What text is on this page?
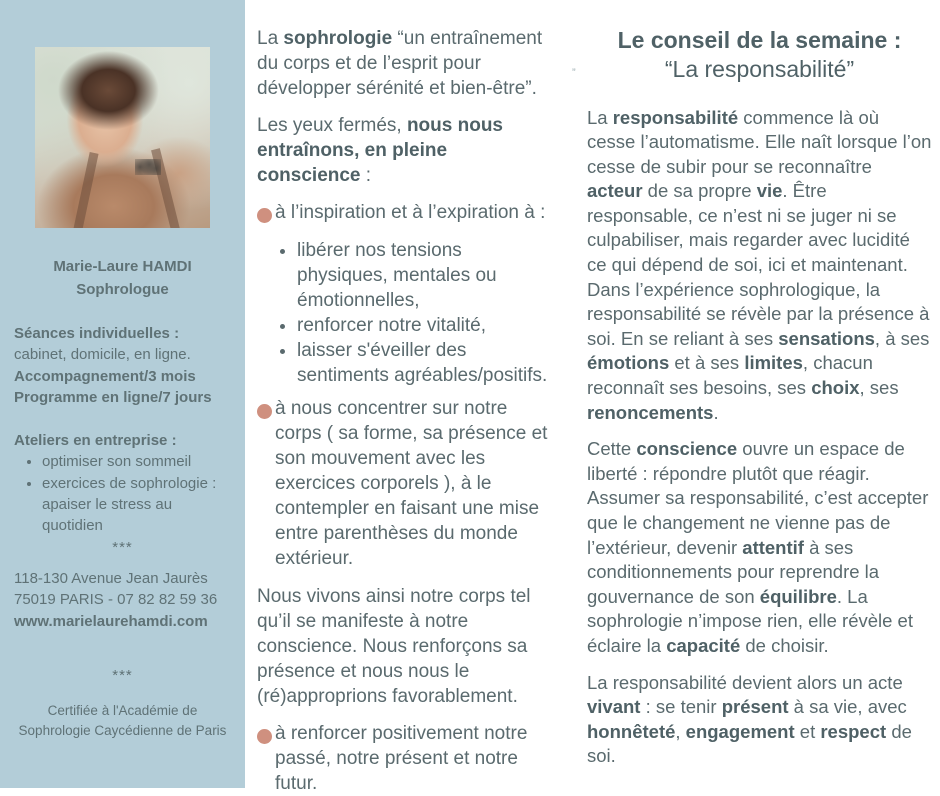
Marie-Laure HAMDI
Sophrologue

Séances individuelles :

cabinet, domicile, en ligne.

Accompagnement/3 mois

Programme en ligne/7 jours

Ateliers en entreprise :

• optimiser son sommeil
• exercices de sophrologie : apaiser le stress au quotidien

***

118-130 Avenue Jean Jaurès

75019 PARIS - 07 82 82 59 36

www.marielaurehamdi.com

***

Certifiée à l'Académie de Sophrologie Caycédienne de Paris

La sophrologie “un entraînement du corps et de l’esprit pour développer sérénité et bien-être”.

Les yeux fermés, nous nous entraînons, en pleine conscience :

à l’inspiration et à l’expiration à :

• libérer nos tensions physiques, mentales ou émotionnelles,
• renforcer notre vitalité,
• laisser s'éveiller des sentiments agréables/positifs.

à nous concentrer sur notre corps ( sa forme, sa présence et son mouvement avec les exercices corporels ), à le contempler en faisant une mise entre parenthèses du monde extérieur.

Nous vivons ainsi notre corps tel qu’il se manifeste à notre conscience. Nous renforçons sa présence et nous nous le (ré)approprions favorablement.

à renforcer positivement notre passé, notre présent et notre futur.

”
Le conseil de la semaine :
“La responsabilité”

La responsabilité commence là où cesse l’automatisme. Elle naît lorsque l’on cesse de subir pour se reconnaître acteur de sa propre vie. Être responsable, ce n’est ni se juger ni se culpabiliser, mais regarder avec lucidité ce qui dépend de soi, ici et maintenant. Dans l’expérience sophrologique, la responsabilité se révèle par la présence à soi. En se reliant à ses sensations, à ses émotions et à ses limites, chacun reconnaît ses besoins, ses choix, ses renoncements.

Cette conscience ouvre un espace de liberté : répondre plutôt que réagir. Assumer sa responsabilité, c’est accepter que le changement ne vienne pas de l’extérieur, devenir attentif à ses conditionnements pour reprendre la gouvernance de son équilibre. La sophrologie n’impose rien, elle révèle et éclaire la capacité de choisir.

La responsabilité devient alors un acte vivant : se tenir présent à sa vie, avec honnêteté, engagement et respect de soi.
